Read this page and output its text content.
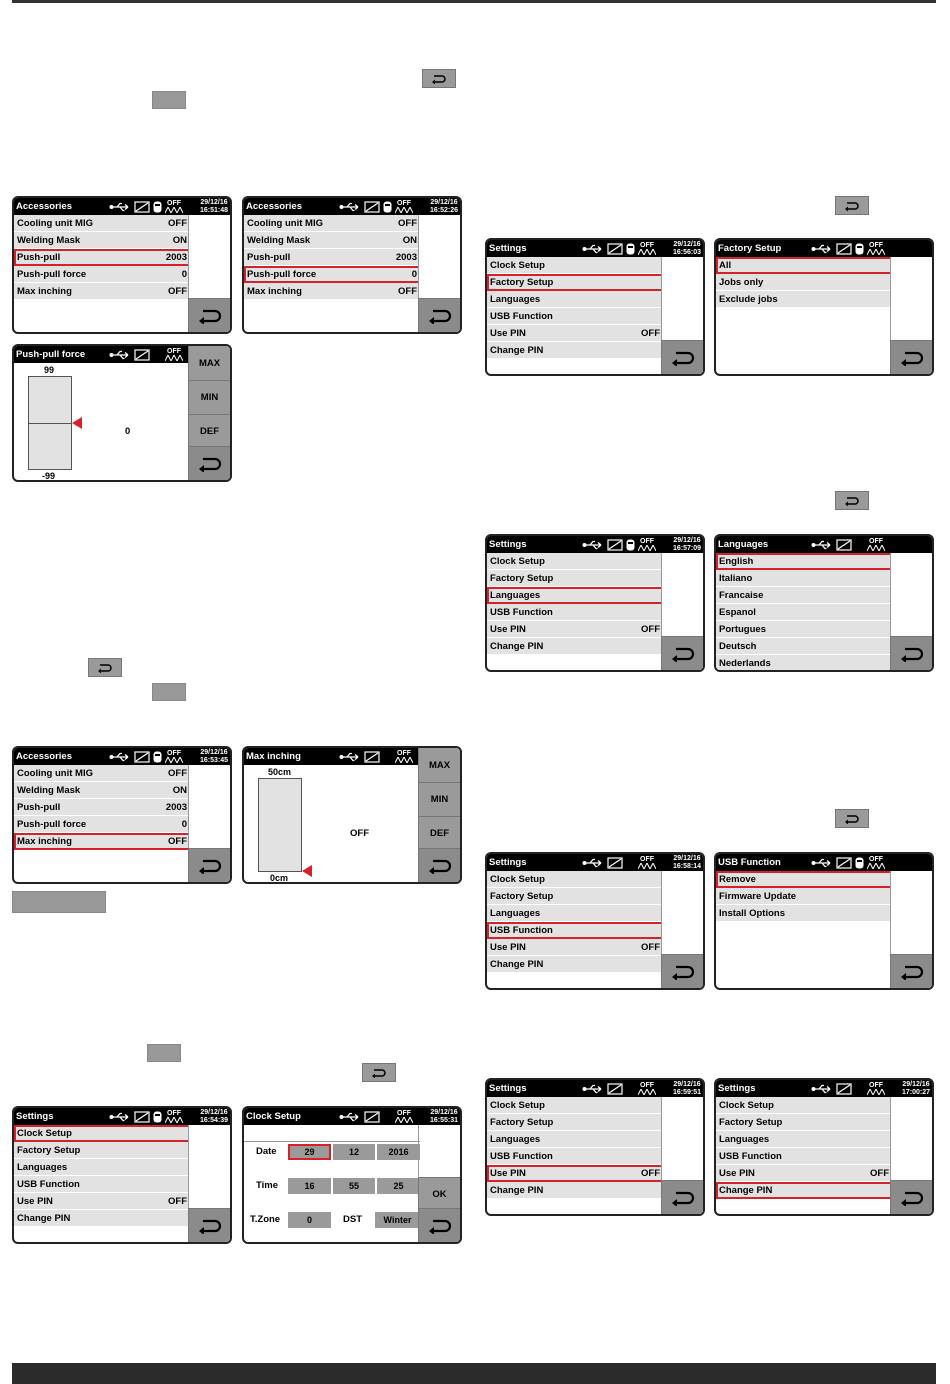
Accessories	OFF	29/12/16
16:51:48
Cooling unit MIG	OFF
Welding Mask	ON
Push-pull	2003
Push-pull force	0
Max inching	OFF
Accessories	OFF	29/12/16
16:52:26
Cooling unit MIG	OFF
Welding Mask	ON
Push-pull	2003
Push-pull force	0
Max inching	OFF
Push-pull force	OFF
99
-99
0
MAX
MIN
DEF
Accessories	OFF	29/12/16
16:53:45
Cooling unit MIG	OFF
Welding Mask	ON
Push-pull	2003
Push-pull force	0
Max inching	OFF
Max inching	OFF
50cm
0cm
OFF
MAX
MIN
DEF
Settings	OFF	29/12/16
16:54:39
Clock Setup
Factory Setup
Languages
USB Function
Use PIN	OFF
Change PIN
Clock Setup	OFF	29/12/16
16:55:31
Date	29	12	2016
Time	16	55	25
T.Zone	0	DST	Winter
OK
Settings	OFF	29/12/16
16:56:03
Clock Setup
Factory Setup
Languages
USB Function
Use PIN	OFF
Change PIN
Factory Setup	OFF
All
Jobs only
Exclude jobs
Settings	OFF	29/12/16
16:57:09
Clock Setup
Factory Setup
Languages
USB Function
Use PIN	OFF
Change PIN
Languages	OFF
English
Italiano
Francaise
Espanol
Portugues
Deutsch
Nederlands
Settings	OFF	29/12/16
16:58:14
Clock Setup
Factory Setup
Languages
USB Function
Use PIN	OFF
Change PIN
USB Function	OFF
Remove
Firmware Update
Install Options
Settings	OFF	29/12/16
16:59:51
Clock Setup
Factory Setup
Languages
USB Function
Use PIN	OFF
Change PIN
Settings	OFF	29/12/16
17:00:27
Clock Setup
Factory Setup
Languages
USB Function
Use PIN	OFF
Change PIN
